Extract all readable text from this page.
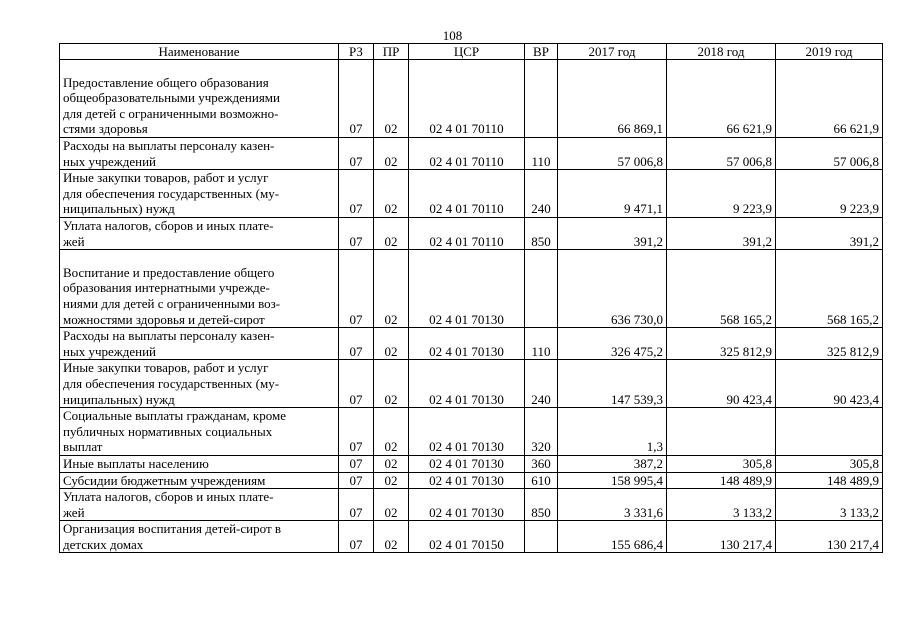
108
Наименование	РЗ	ПР	ЦСР	ВР	2017 год	2018 год	2019 год

Предоставление общего образования
общеобразовательными учреждениями
для детей с ограниченными возможно-
стями здоровья	07	02	02 4 01 70110		66 869,1	66 621,9	66 621,9

Расходы на выплаты персоналу казен-
ных учреждений	07	02	02 4 01 70110	110	57 006,8	57 006,8	57 006,8

Иные закупки товаров, работ и услуг
для обеспечения государственных (му-
ниципальных) нужд	07	02	02 4 01 70110	240	9 471,1	9 223,9	9 223,9

Уплата налогов, сборов и иных плате-
жей	07	02	02 4 01 70110	850	391,2	391,2	391,2

Воспитание и предоставление общего
образования интернатными учрежде-
ниями для детей с ограниченными воз-
можностями здоровья и детей-сирот	07	02	02 4 01 70130		636 730,0	568 165,2	568 165,2

Расходы на выплаты персоналу казен-
ных учреждений	07	02	02 4 01 70130	110	326 475,2	325 812,9	325 812,9

Иные закупки товаров, работ и услуг
для обеспечения государственных (му-
ниципальных) нужд	07	02	02 4 01 70130	240	147 539,3	90 423,4	90 423,4

Социальные выплаты гражданам, кроме
публичных нормативных социальных
выплат	07	02	02 4 01 70130	320	1,3		

Иные выплаты населению	07	02	02 4 01 70130	360	387,2	305,8	305,8

Субсидии бюджетным учреждениям	07	02	02 4 01 70130	610	158 995,4	148 489,9	148 489,9

Уплата налогов, сборов и иных плате-
жей	07	02	02 4 01 70130	850	3 331,6	3 133,2	3 133,2

Организация воспитания детей-сирот в
детских домах	07	02	02 4 01 70150		155 686,4	130 217,4	130 217,4
